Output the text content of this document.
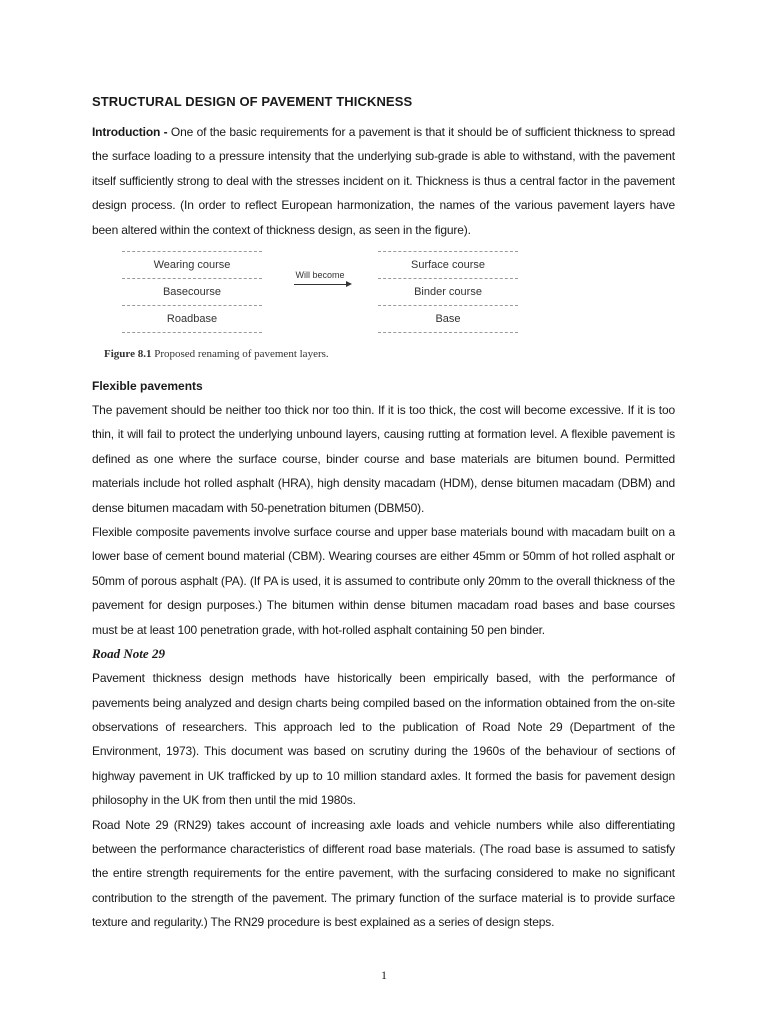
STRUCTURAL DESIGN OF PAVEMENT THICKNESS

Introduction - One of the basic requirements for a pavement is that it should be of sufficient thickness to spread the surface loading to a pressure intensity that the underlying sub-grade is able to withstand, with the pavement itself sufficiently strong to deal with the stresses incident on it. Thickness is thus a central factor in the pavement design process. (In order to reflect European harmonization, the names of the various pavement layers have been altered within the context of thickness design, as seen in the figure).

Wearing course
Basecourse
Roadbase
Will become
Surface course
Binder course
Base
Figure 8.1 Proposed renaming of pavement layers.
Flexible pavements

The pavement should be neither too thick nor too thin. If it is too thick, the cost will become excessive. If it is too thin, it will fail to protect the underlying unbound layers, causing rutting at formation level. A flexible pavement is defined as one where the surface course, binder course and base materials are bitumen bound. Permitted materials include hot rolled asphalt (HRA), high density macadam (HDM), dense bitumen macadam (DBM) and dense bitumen macadam with 50-penetration bitumen (DBM50).

Flexible composite pavements involve surface course and upper base materials bound with macadam built on a lower base of cement bound material (CBM). Wearing courses are either 45mm or 50mm of hot rolled asphalt or 50mm of porous asphalt (PA). (If PA is used, it is assumed to contribute only 20mm to the overall thickness of the pavement for design purposes.) The bitumen within dense bitumen macadam road bases and base courses must be at least 100 penetration grade, with hot-rolled asphalt containing 50 pen binder.

Road Note 29

Pavement thickness design methods have historically been empirically based, with the performance of pavements being analyzed and design charts being compiled based on the information obtained from the on-site observations of researchers. This approach led to the publication of Road Note 29 (Department of the Environment, 1973). This document was based on scrutiny during the 1960s of the behaviour of sections of highway pavement in UK trafficked by up to 10 million standard axles. It formed the basis for pavement design philosophy in the UK from then until the mid 1980s.

Road Note 29 (RN29) takes account of increasing axle loads and vehicle numbers while also differentiating between the performance characteristics of different road base materials. (The road base is assumed to satisfy the entire strength requirements for the entire pavement, with the surfacing considered to make no significant contribution to the strength of the pavement. The primary function of the surface material is to provide surface texture and regularity.) The RN29 procedure is best explained as a series of design steps.

1
